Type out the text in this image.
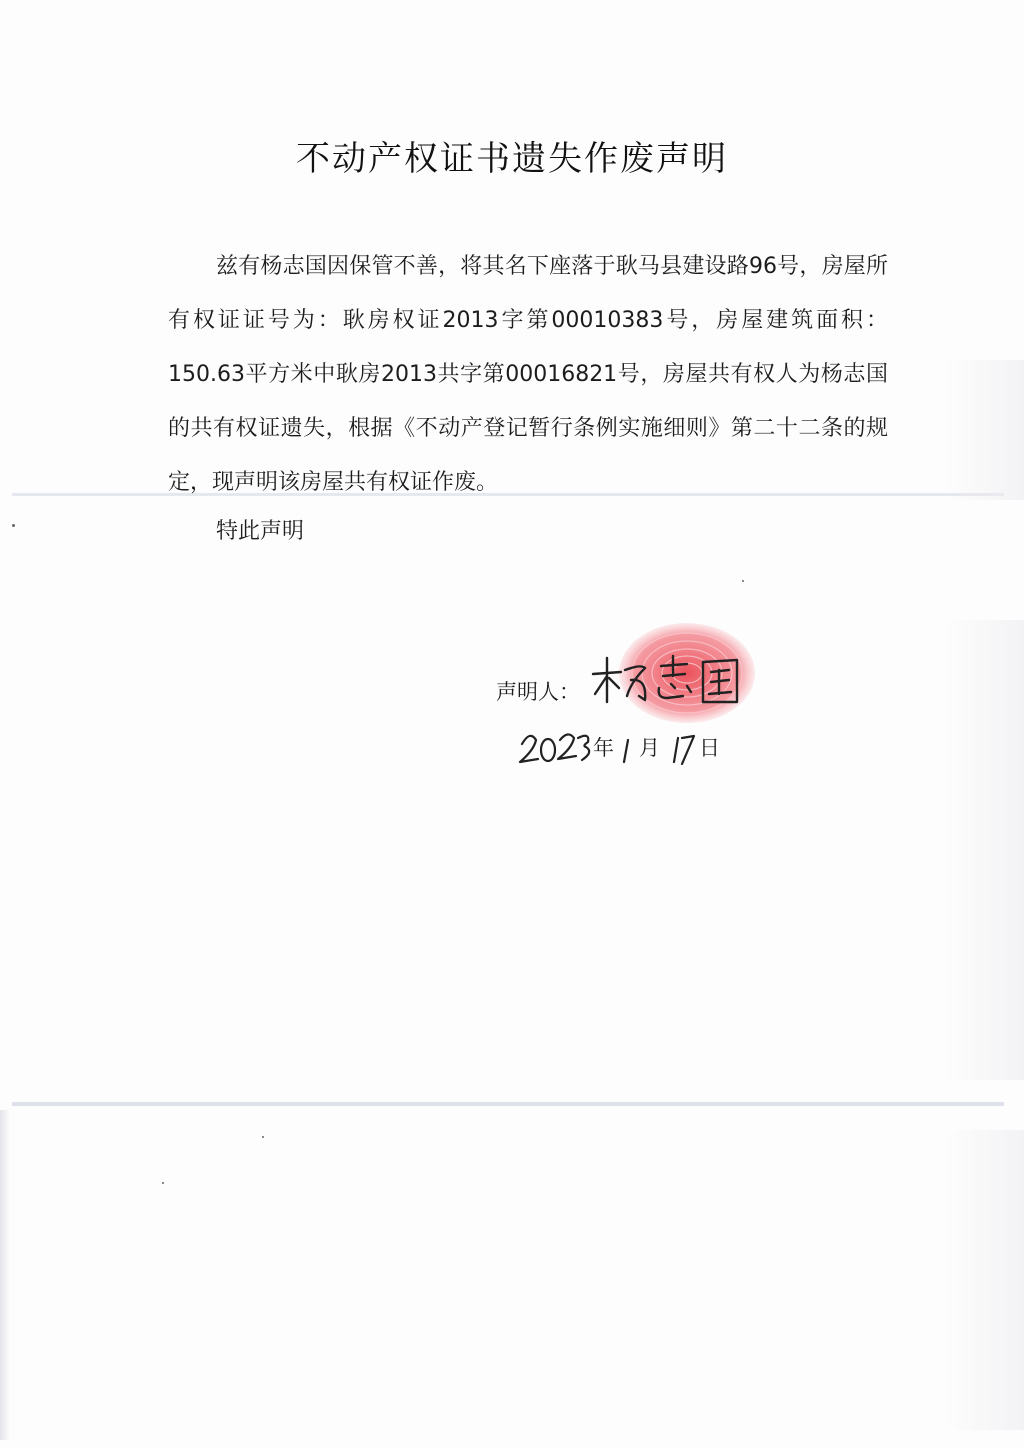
不动产权证书遗失作废声明
兹有杨志国因保管不善，将其名下座落于耿马县建设路96号，房屋所有权证证号为：耿房权证2013字第00010383号，房屋建筑面积：150.63平方米中耿房2013共字第00016821号，房屋共有权人为杨志国的共有权证遗失，根据《不动产登记暂行条例实施细则》第二十二条的规定，现声明该房屋共有权证作废。
特此声明
声明人：
年 月 日
